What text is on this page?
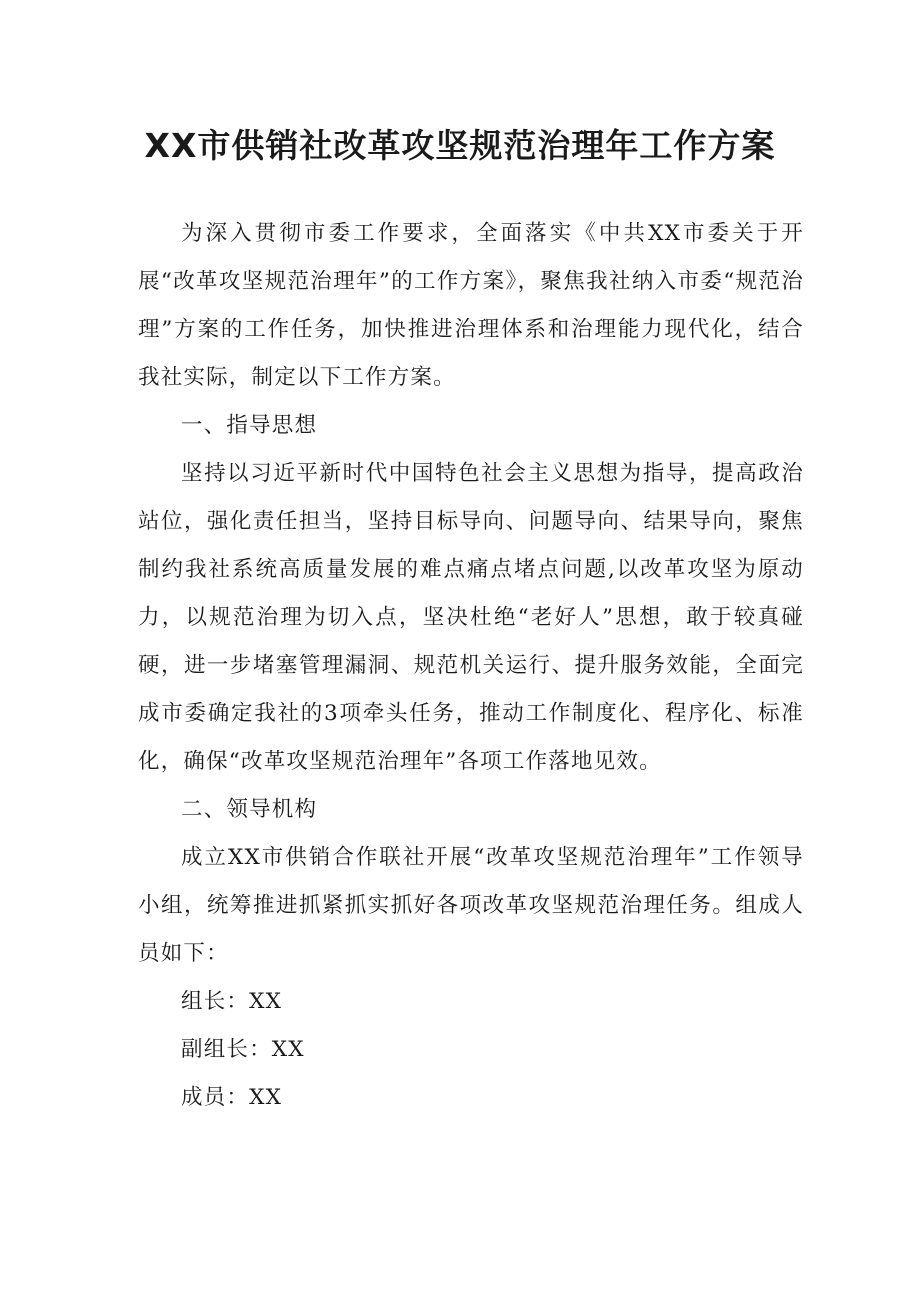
XX市供销社改革攻坚规范治理年工作方案

为深入贯彻市委工作要求，全面落实《中共XX市委关于开展“改革攻坚规范治理年”的工作方案》，聚焦我社纳入市委“规范治理”方案的工作任务，加快推进治理体系和治理能力现代化，结合我社实际，制定以下工作方案。

一、指导思想

坚持以习近平新时代中国特色社会主义思想为指导，提高政治站位，强化责任担当，坚持目标导向、问题导向、结果导向，聚焦制约我社系统高质量发展的难点痛点堵点问题,以改革攻坚为原动力，以规范治理为切入点，坚决杜绝“老好人”思想，敢于较真碰硬，进一步堵塞管理漏洞、规范机关运行、提升服务效能，全面完成市委确定我社的3项牵头任务，推动工作制度化、程序化、标准化，确保“改革攻坚规范治理年”各项工作落地见效。

二、领导机构

成立XX市供销合作联社开展“改革攻坚规范治理年”工作领导小组，统筹推进抓紧抓实抓好各项改革攻坚规范治理任务。组成人员如下：

组长：XX

副组长：XX

成员：XX
